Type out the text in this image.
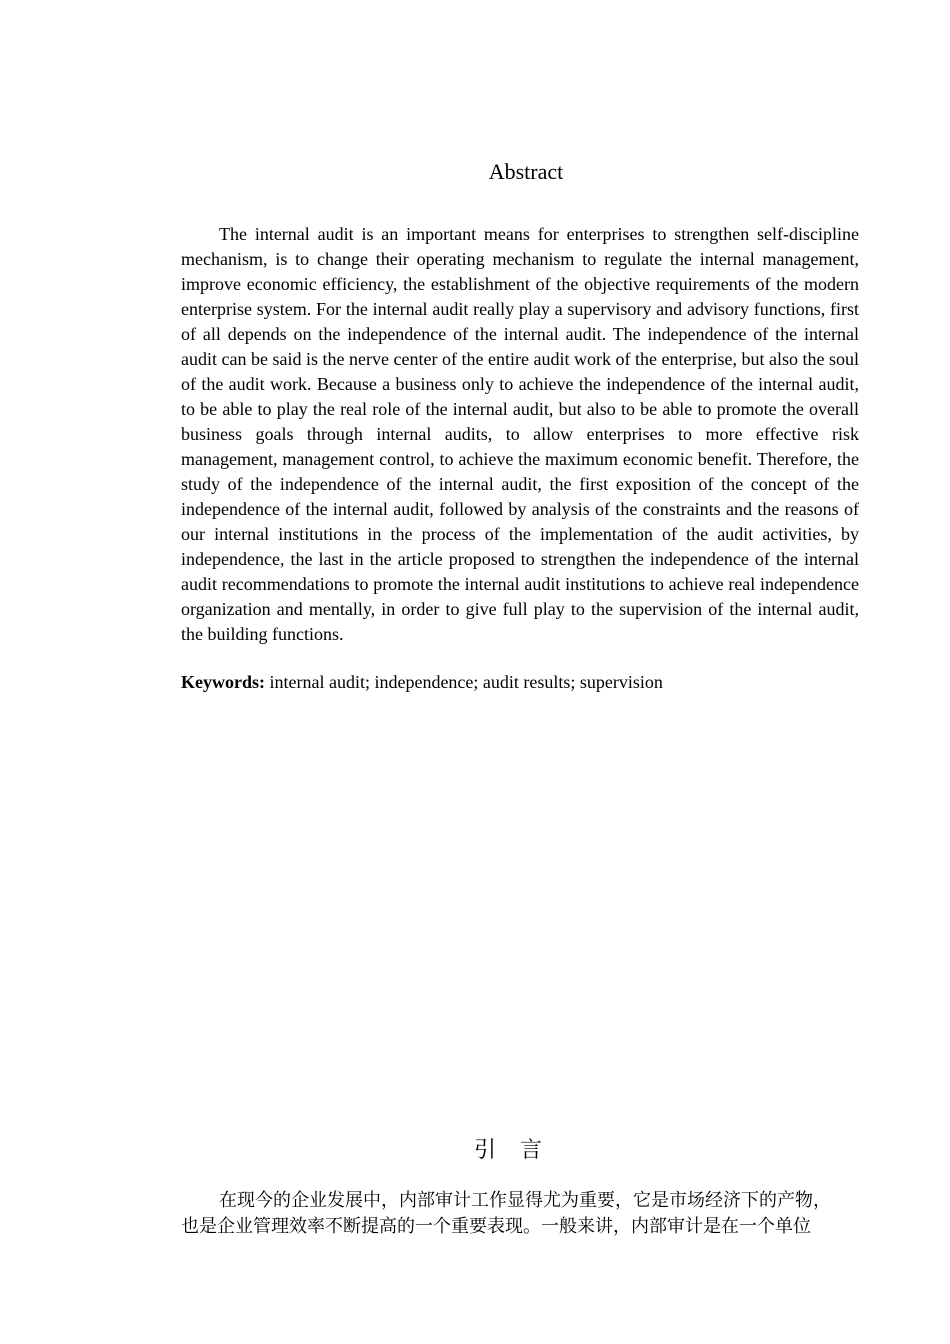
Abstract

The internal audit is an important means for enterprises to strengthen self-discipline mechanism, is to change their operating mechanism to regulate the internal management, improve economic efficiency, the establishment of the objective requirements of the modern enterprise system. For the internal audit really play a supervisory and advisory functions, first of all depends on the independence of the internal audit. The independence of the internal audit can be said is the nerve center of the entire audit work of the enterprise, but also the soul of the audit work. Because a business only to achieve the independence of the internal audit, to be able to play the real role of the internal audit, but also to be able to promote the overall business goals through internal audits, to allow enterprises to more effective risk management, management control, to achieve the maximum economic benefit. Therefore, the study of the independence of the internal audit, the first exposition of the concept of the independence of the internal audit, followed by analysis of the constraints and the reasons of our internal institutions in the process of the implementation of the audit activities, by independence, the last in the article proposed to strengthen the independence of the internal audit recommendations to promote the internal audit institutions to achieve real independence organization and mentally, in order to give full play to the supervision of the internal audit, the building functions.

Keywords: internal audit; independence; audit results; supervision

引言

在现今的企业发展中，内部审计工作显得尤为重要，它是市场经济下的产物，

也是企业管理效率不断提高的一个重要表现。一般来讲，内部审计是在一个单位
